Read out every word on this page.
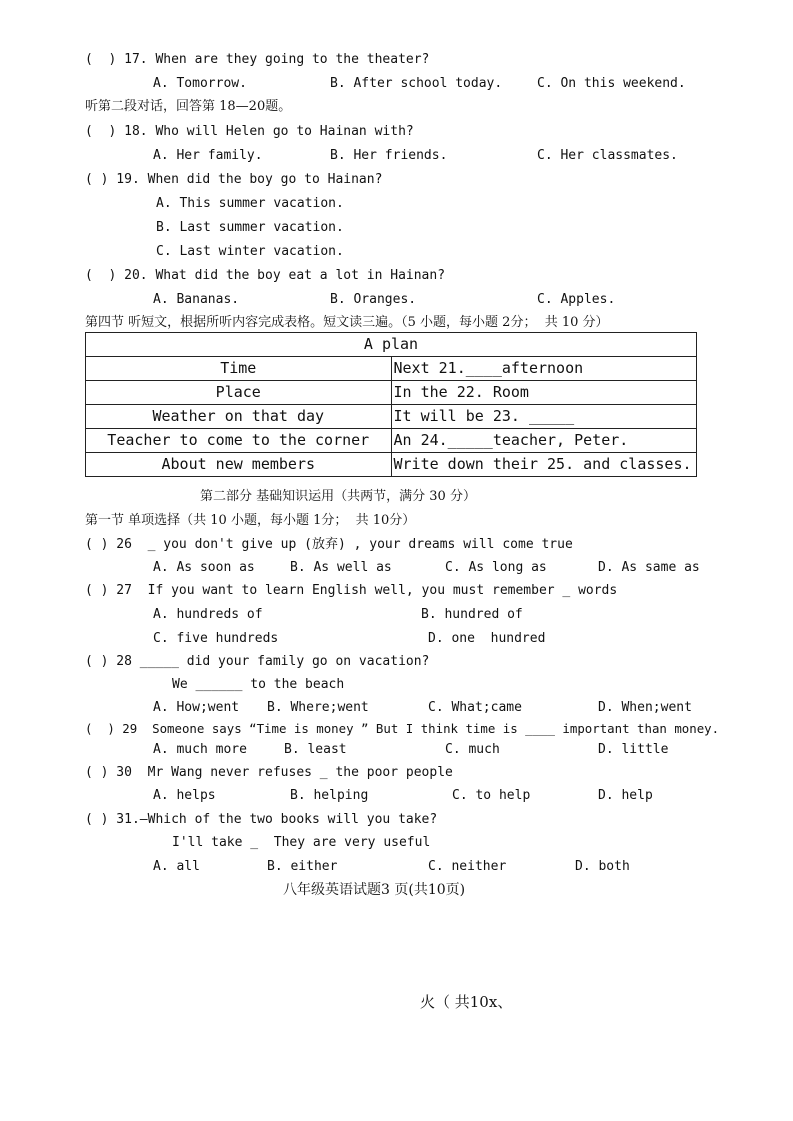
(  ) 17. When are they going to the theater?
A. Tomorrow.	B. After school today.	C. On this weekend.
听第二段对话，回答第 18—20题。
(  ) 18. Who will Helen go to Hainan with?
A. Her family.	B. Her friends.	C. Her classmates.
( ) 19. When did the boy go to Hainan?
A. This summer vacation.
B. Last summer vacation.
C. Last winter vacation.
(  ) 20. What did the boy eat a lot in Hainan?
A. Bananas.	B. Oranges.	C. Apples.
第四节 听短文，根据所听内容完成表格。短文读三遍。（5 小题，每小题 2分；  共 10 分）
A plan	
Time	Next 21.____afternoon
Place	In the 22. Room
Weather on that day	It will be 23. _____
Teacher to come to the corner	An 24._____teacher, Peter.
About new members	Write down their 25. and classes.
第二部分 基础知识运用（共两节，满分 30 分）
第一节 单项选择（共 10 小题，每小题 1分；  共 10分）
( ) 26  _ you don't give up (放弃) , your dreams will come true
A. As soon as	B. As well as	C. As long as	D. As same as
( ) 27  If you want to learn English well, you must remember _ words
A. hundreds of	B. hundred of
C. five hundreds	D. one  hundred
( ) 28 _____ did your family go on vacation?
We ______ to the beach
A. How;went B. Where;went	C. What;came	D. When;went
(  ) 29  Someone says “Time is money ” But I think time is ____ important than money.
A. much more	B. least	C. much	D. little
( ) 30  Mr Wang never refuses _ the poor people
A. helps	B. helping	C. to help	D. help
( ) 31.—Which of the two books will you take?
I'll take _  They are very useful
A. all	B. either	C. neither	D. both
八年级英语试题3 页(共10页)
火（ 共10x、
